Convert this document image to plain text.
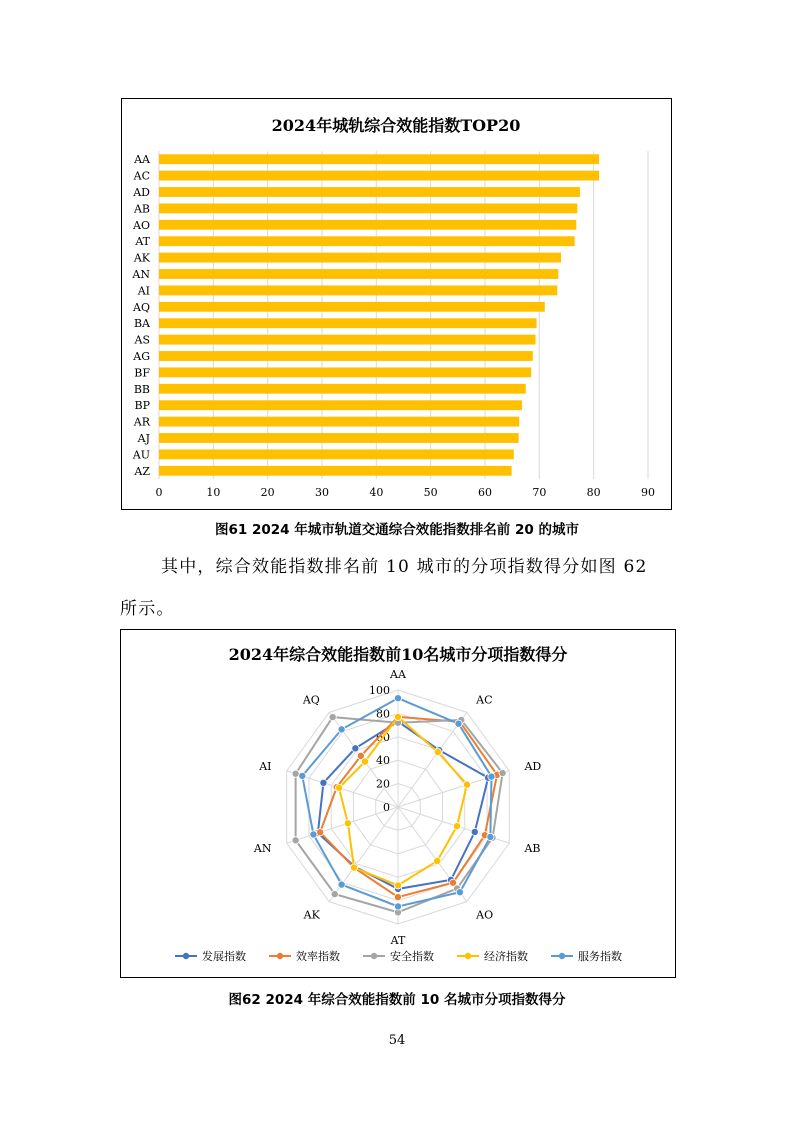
2024年城轨综合效能指数TOP20
0	10	20	30	40	50	60	70	80	90
AA
AC
AD
AB
AO
AT
AK
AN
AI
AQ
BA
AS
AG
BF
BB
BP
AR
AJ
AU
AZ
图61 2024 年城市轨道交通综合效能指数排名前 20 的城市
其中，综合效能指数排名前 10 城市的分项指数得分如图 62
所示。
2024年综合效能指数前10名城市分项指数得分
0
20
40
60
80
100
AA
AC
AD
AB
AO
AT
AK
AN
AI
AQ
发展指数	效率指数	安全指数	经济指数	服务指数
图62 2024 年综合效能指数前 10 名城市分项指数得分
54
